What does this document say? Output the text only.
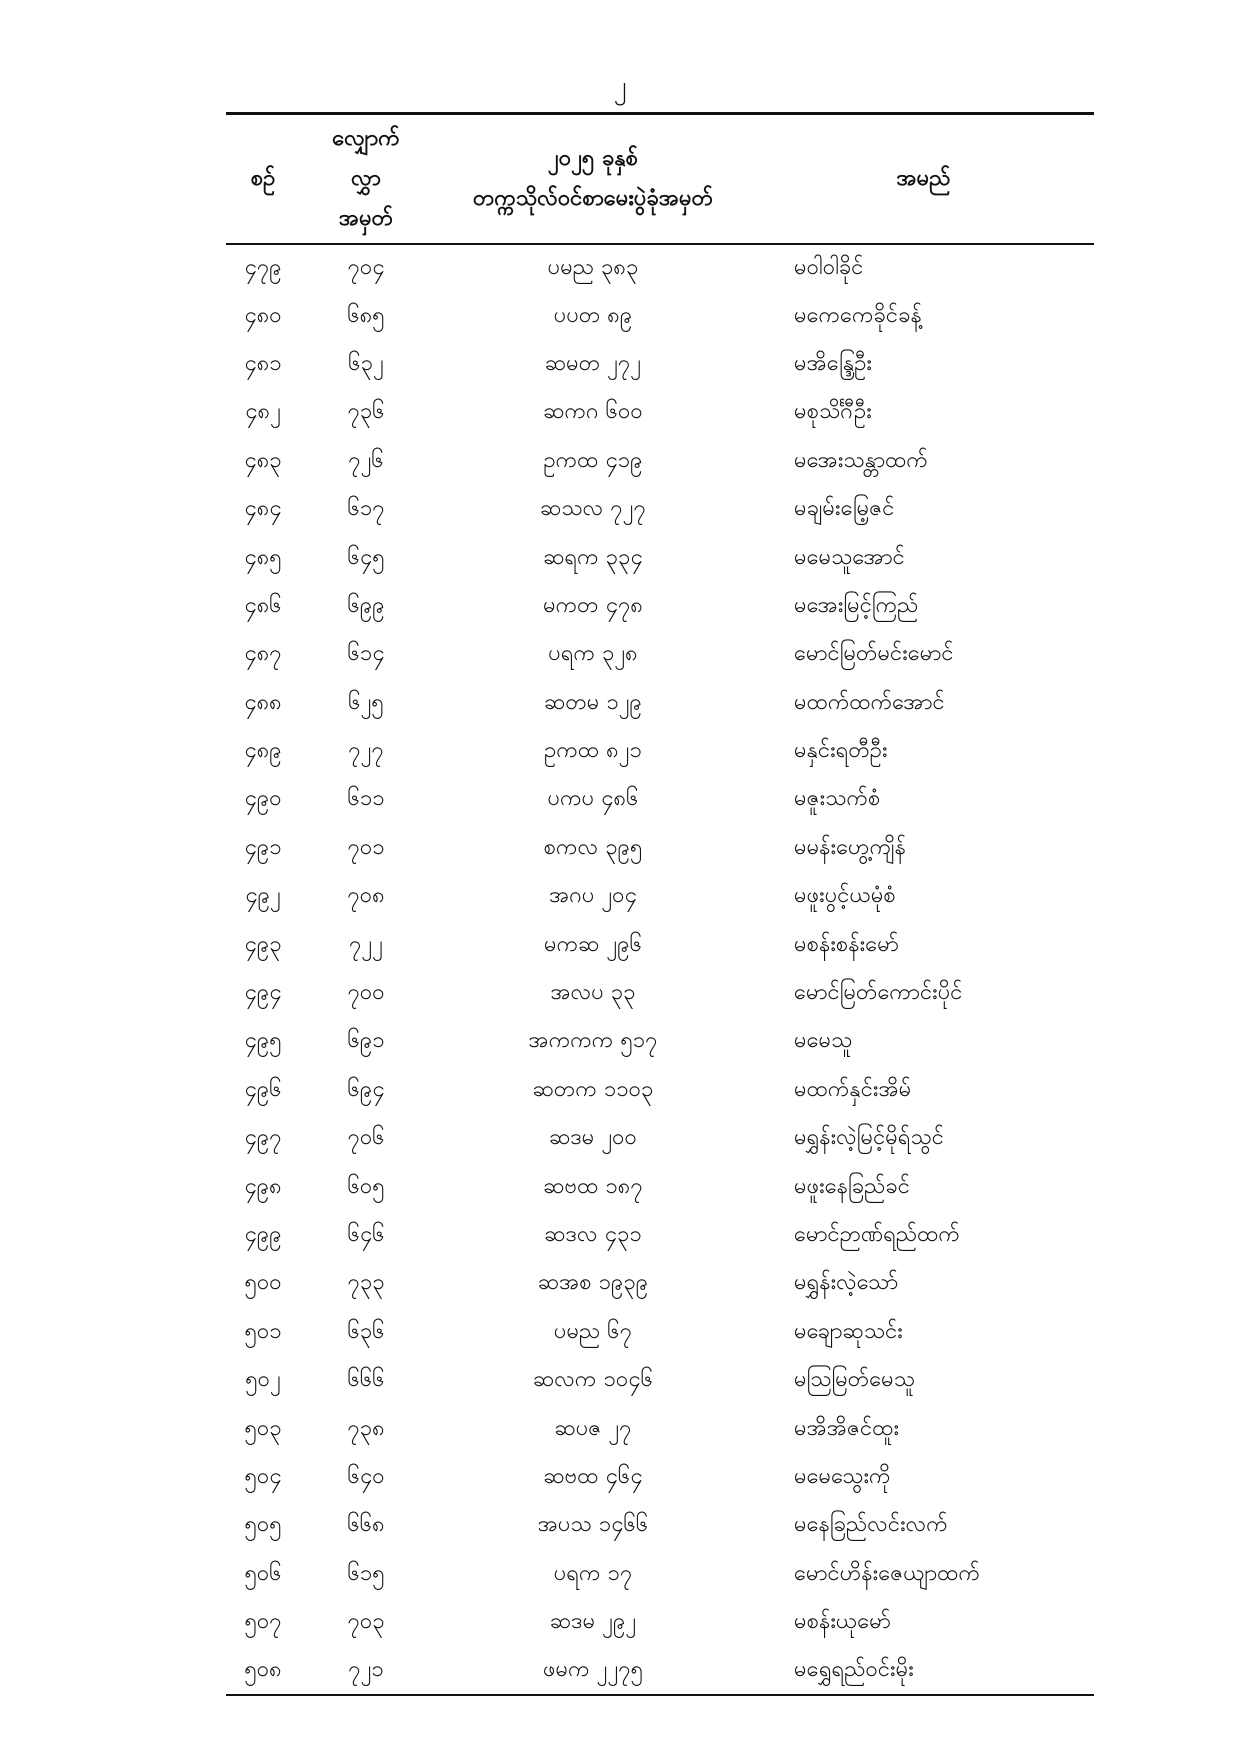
၂
စဉ်	လျှောက်
လွှာ
အမှတ်	၂၀၂၅ ခုနှစ်
တက္ကသိုလ်ဝင်စာမေးပွဲခုံအမှတ်	အမည်
၄၇၉	၇၀၄	ပမည ၃၈၃	မဝါဝါခိုင်
၄၈၀	၆၈၅	ပပတ ၈၉	မကေကေခိုင်ခန့်
၄၈၁	၆၃၂	ဆမတ ၂၇၂	မအိန္ဒြေဦး
၄၈၂	၇၃၆	ဆကဂ ၆၀၀	မစုသိင်္ဂီဦး
၄၈၃	၇၂၆	ဥကထ ၄၁၉	မအေးသန္တာထက်
၄၈၄	၆၁၇	ဆသလ ၇၂၇	မချမ်းမြေ့ဇင်
၄၈၅	၆၄၅	ဆရက ၃၃၄	မမေသူအောင်
၄၈၆	၆၉၉	မကတ ၄၇၈	မအေးမြင့်ကြည်
၄၈၇	၆၁၄	ပရက ၃၂၈	မောင်မြတ်မင်းမောင်
၄၈၈	၆၂၅	ဆတမ ၁၂၉	မထက်ထက်အောင်
၄၈၉	၇၂၇	ဥကထ ၈၂၁	မနှင်းရတီဦး
၄၉၀	၆၁၁	ပကပ ၄၈၆	မဇူးသက်စံ
၄၉၁	၇၀၁	စကလ ၃၉၅	မမန်းဟွေ့ကျိန်
၄၉၂	၇၀၈	အဂပ ၂၀၄	မဖူးပွင့်ယမုံစံ
၄၉၃	၇၂၂	မကဆ ၂၉၆	မစန်းစန်းမော်
၄၉၄	၇၀၀	အလပ ၃၃	မောင်မြတ်ကောင်းပိုင်
၄၉၅	၆၉၁	အကကက ၅၁၇	မမေသူ
၄၉၆	၆၉၄	ဆတက ၁၁၀၃	မထက်နှင်းအိမ်
၄၉၇	၇၀၆	ဆဒမ ၂၀၀	မရွှန်းလဲ့မြင့်မိုရ်သွင်
၄၉၈	၆၀၅	ဆဗထ ၁၈၇	မဖူးနေခြည်ခင်
၄၉၉	၆၄၆	ဆဒလ ၄၃၁	မောင်ဉာဏ်ရည်ထက်
၅၀၀	၇၃၃	ဆအစ ၁၉၃၉	မရွှန်းလဲ့သော်
၅၀၁	၆၃၆	ပမည ၆၇	မချောဆုသင်း
၅၀၂	၆၆၆	ဆလက ၁၀၄၆	မသြမြတ်မေသူ
၅၀၃	၇၃၈	ဆပဇ ၂၇	မအိအိဇင်ထူး
၅၀၄	၆၄၀	ဆဗထ ၄၆၄	မမေသွေးကို
၅၀၅	၆၆၈	အပသ ၁၄၆၆	မနေခြည်လင်းလက်
၅၀၆	၆၁၅	ပရက ၁၇	မောင်ဟိန်းဇေယျာထက်
၅၀၇	၇၀၃	ဆဒမ ၂၉၂	မစန်းယုမော်
၅၀၈	၇၂၁	ဖမက ၂၂၇၅	မရွှေရည်ဝင်းမိုး
